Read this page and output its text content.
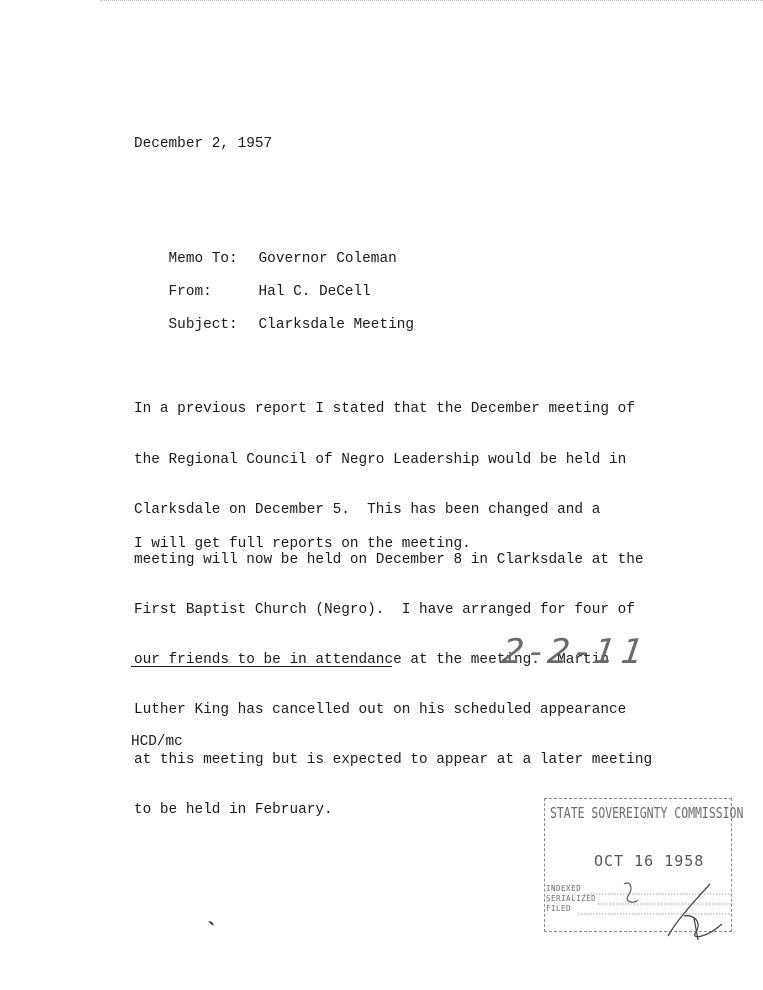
December 2, 1957

Memo To: Governor Coleman

From:	Hal C. DeCell

Subject: Clarksdale Meeting

In a previous report I stated that the December meeting of

the Regional Council of Negro Leadership would be held in

Clarksdale on December 5.  This has been changed and a

meeting will now be held on December 8 in Clarksdale at the

First Baptist Church (Negro).  I have arranged for four of

our friends to be in attendance at the meeting.  Martin

Luther King has cancelled out on his scheduled appearance

at this meeting but is expected to appear at a later meeting

to be held in February.

I will get full reports on the meeting.
2-2-11
HCD/mc
STATE SOVEREIGNTY COMMISSION
OCT 16 1958
INDEXED
SERIALIZED
FILED
